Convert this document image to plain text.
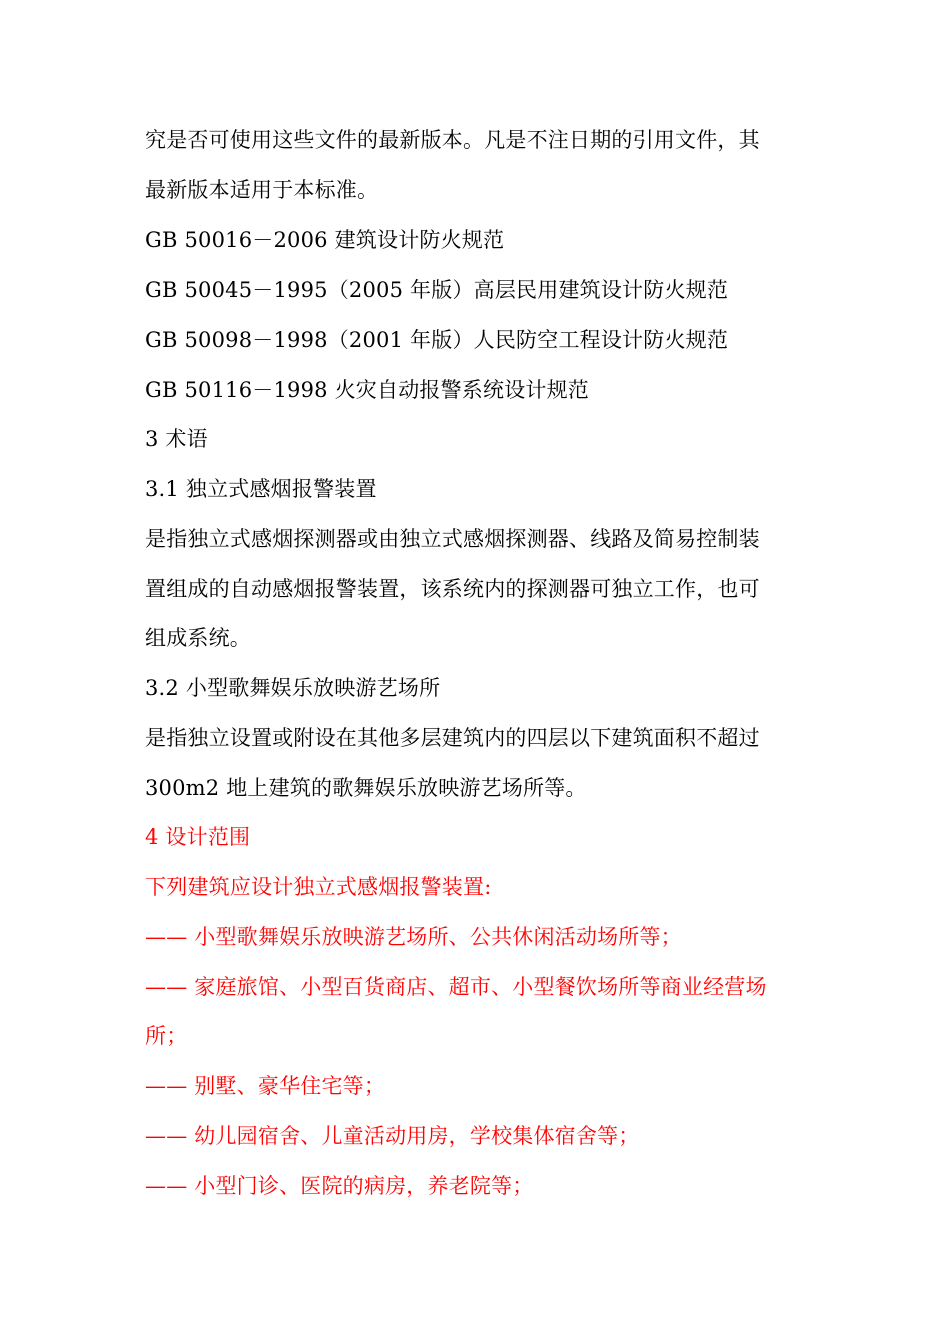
究是否可使用这些文件的最新版本。凡是不注日期的引用文件，其
最新版本适用于本标准。
GB 50016－2006 建筑设计防火规范
GB 50045－1995（2005 年版）高层民用建筑设计防火规范
GB 50098－1998（2001 年版）人民防空工程设计防火规范
GB 50116－1998 火灾自动报警系统设计规范
3 术语
3.1 独立式感烟报警装置
是指独立式感烟探测器或由独立式感烟探测器、线路及简易控制装
置组成的自动感烟报警装置，该系统内的探测器可独立工作，也可
组成系统。
3.2 小型歌舞娱乐放映游艺场所
是指独立设置或附设在其他多层建筑内的四层以下建筑面积不超过
300m2 地上建筑的歌舞娱乐放映游艺场所等。
4 设计范围
下列建筑应设计独立式感烟报警装置:
—— 小型歌舞娱乐放映游艺场所、公共休闲活动场所等；
—— 家庭旅馆、小型百货商店、超市、小型餐饮场所等商业经营场
所；
—— 别墅、豪华住宅等；
—— 幼儿园宿舍、儿童活动用房，学校集体宿舍等；
—— 小型门诊、医院的病房，养老院等；
